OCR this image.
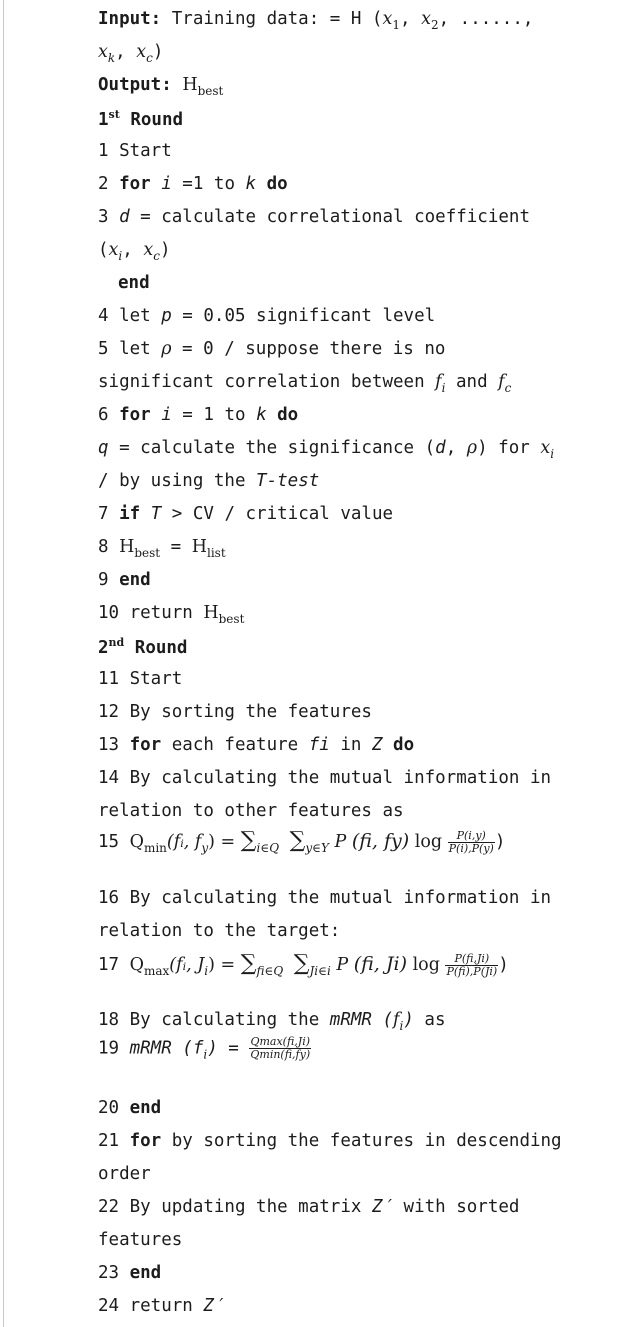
Input: Training data: = H ($x_1$, $x_2$, ......,
$x_k$, $x_c$)
Output: $H_{best}$
1st Round
1 Start
2 for i =1 to k do
3 d = calculate correlational coefficient
($x_i$, $x_c$)
end
4 let p = 0.05 significant level
5 let ρ = 0 / suppose there is no
significant correlation between $f_i$ and $f_c$
6 for i = 1 to k do
q = calculate the significance (d, ρ) for $x_i$
/ by using the T-test
7 if T > CV / critical value
8 $H_{best} = H_{list}$
9 end
10 return $H_{best}$
2nd Round
11 Start
12 By sorting the features
13 for each feature fi in Z do
14 By calculating the mutual information in
relation to other features as
15 $Q_{min}(fᵢ$, $f_y) = \sum_{i\in Q}$ $\sum_{y\in Y}$ P (fi, fy) $\log \frac{P(i,y)}{P(i),P(y)}$ )
16 By calculating the mutual information in
relation to the target:
17 $Q_{max}(fᵢ$, $J_i) = \sum_{fi\in Q}$ $\sum_{Ji\in i}$ P (fi, Ji) $\log \frac{P(fi,Ji)}{P(fi),P(Ji)}$ )
18 By calculating the mRMR $(f_i)$ as
19 mRMR $(f_i) = \frac{Qmax(fi,Ji)}{Qmin(fi,fy)}$
20 end
21 for by sorting the features in descending
order
22 By updating the matrix Z′ with sorted
features
23 end
24 return Z′
